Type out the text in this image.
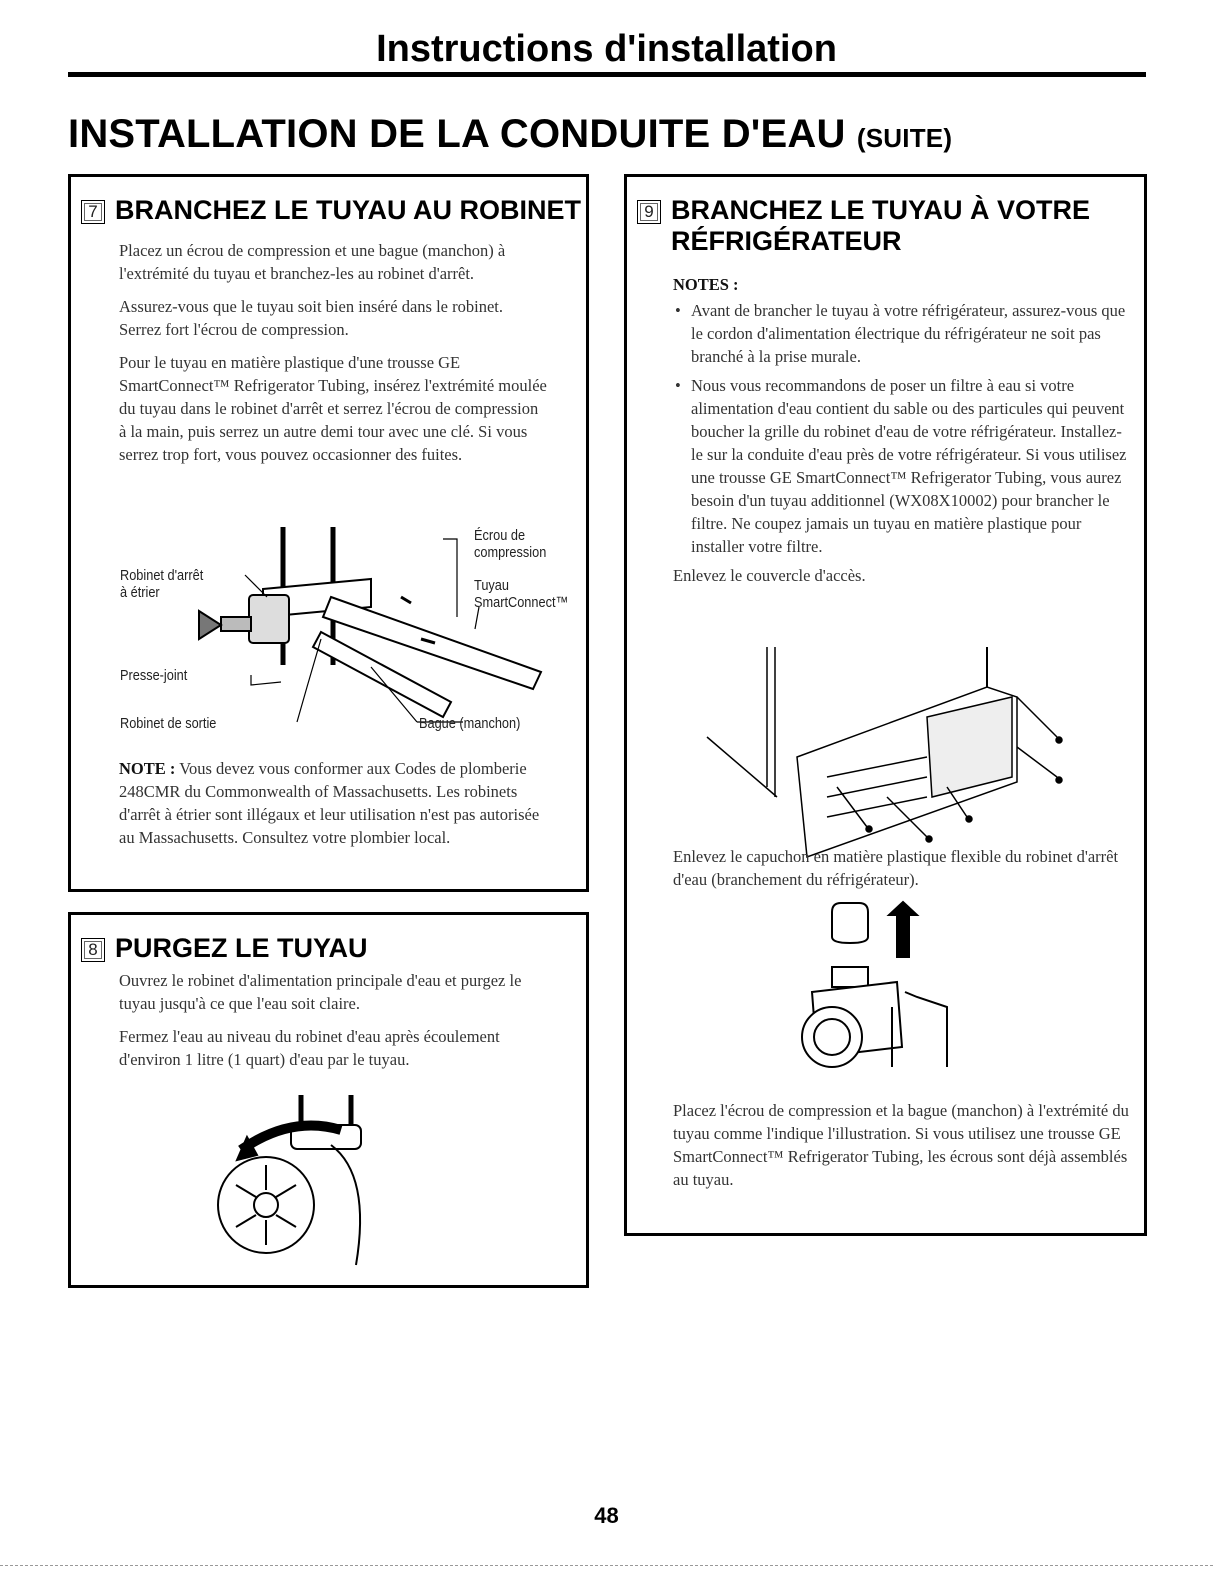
Instructions d'installation
INSTALLATION DE LA CONDUITE D'EAU (SUITE)
7 BRANCHEZ LE TUYAU AU ROBINET

Placez un écrou de compression et une bague (manchon) à l'extrémité du tuyau et branchez-les au robinet d'arrêt.

Assurez-vous que le tuyau soit bien inséré dans le robinet. Serrez fort l'écrou de compression.

Pour le tuyau en matière plastique d'une trousse GE SmartConnect™ Refrigerator Tubing, insérez l'extrémité moulée du tuyau dans le robinet d'arrêt et serrez l'écrou de compression à la main, puis serrez un autre demi tour avec une clé. Si vous serrez trop fort, vous pouvez occasionner des fuites.

Écrou de
compression
Robinet d'arrêt
à étrier	Tuyau
SmartConnect™
Presse-joint
Robinet de sortie	Bague (manchon)

NOTE : Vous devez vous conformer aux Codes de plomberie 248CMR du Commonwealth of Massachusetts. Les robinets d'arrêt à étrier sont illégaux et leur utilisation n'est pas autorisée au Massachusetts. Consultez votre plombier local.

8 PURGEZ LE TUYAU

Ouvrez le robinet d'alimentation principale d'eau et purgez le tuyau jusqu'à ce que l'eau soit claire.

Fermez l'eau au niveau du robinet d'eau après écoulement d'environ 1 litre (1 quart) d'eau par le tuyau.

9 BRANCHEZ LE TUYAU À VOTRE
RÉFRIGÉRATEUR
NOTES :
• Avant de brancher le tuyau à votre réfrigérateur, assurez-vous que le cordon d'alimentation électrique du réfrigérateur ne soit pas branché à la prise murale.
• Nous vous recommandons de poser un filtre à eau si votre alimentation d'eau contient du sable ou des particules qui peuvent boucher la grille du robinet d'eau de votre réfrigérateur. Installez-le sur la conduite d'eau près de votre réfrigérateur. Si vous utilisez une trousse GE SmartConnect™ Refrigerator Tubing, vous aurez besoin d'un tuyau additionnel (WX08X10002) pour brancher le filtre. Ne coupez jamais un tuyau en matière plastique pour installer votre filtre.

Enlevez le couvercle d'accès.

Enlevez le capuchon en matière plastique flexible du robinet d'arrêt d'eau (branchement du réfrigérateur).

Placez l'écrou de compression et la bague (manchon) à l'extrémité du tuyau comme l'indique l'illustration. Si vous utilisez une trousse GE SmartConnect™ Refrigerator Tubing, les écrous sont déjà assemblés au tuyau.

48
